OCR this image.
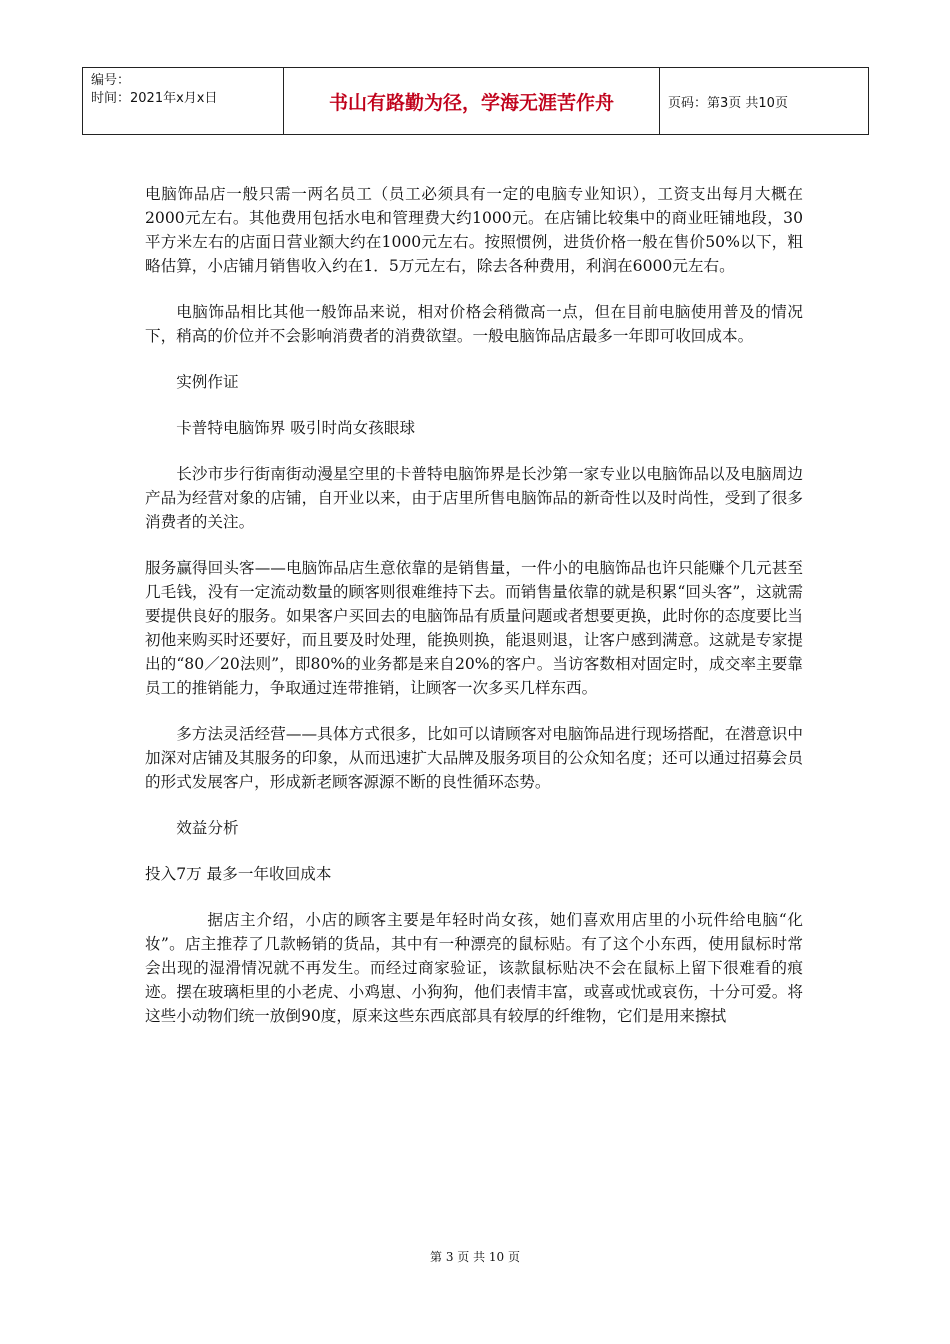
编号：
时间：2021年x月x日	书山有路勤为径，学海无涯苦作舟	页码：第3页 共10页

电脑饰品店一般只需一两名员工（员工必须具有一定的电脑专业知识），工资支出每月大概在2000元左右。其他费用包括水电和管理费大约1000元。在店铺比较集中的商业旺铺地段，30平方米左右的店面日营业额大约在1000元左右。按照惯例，进货价格一般在售价50%以下，粗略估算，小店铺月销售收入约在1．5万元左右，除去各种费用，利润在6000元左右。

电脑饰品相比其他一般饰品来说，相对价格会稍微高一点，但在目前电脑使用普及的情况下，稍高的价位并不会影响消费者的消费欲望。一般电脑饰品店最多一年即可收回成本。

实例作证

卡普特电脑饰界 吸引时尚女孩眼球

长沙市步行街南街动漫星空里的卡普特电脑饰界是长沙第一家专业以电脑饰品以及电脑周边产品为经营对象的店铺，自开业以来，由于店里所售电脑饰品的新奇性以及时尚性，受到了很多消费者的关注。

服务赢得回头客——电脑饰品店生意依靠的是销售量，一件小的电脑饰品也许只能赚个几元甚至几毛钱，没有一定流动数量的顾客则很难维持下去。而销售量依靠的就是积累“回头客”，这就需要提供良好的服务。如果客户买回去的电脑饰品有质量问题或者想要更换，此时你的态度要比当初他来购买时还要好，而且要及时处理，能换则换，能退则退，让客户感到满意。这就是专家提出的“80／20法则”，即80%的业务都是来自20%的客户。当访客数相对固定时，成交率主要靠员工的推销能力，争取通过连带推销，让顾客一次多买几样东西。

多方法灵活经营——具体方式很多，比如可以请顾客对电脑饰品进行现场搭配，在潜意识中加深对店铺及其服务的印象，从而迅速扩大品牌及服务项目的公众知名度；还可以通过招募会员的形式发展客户，形成新老顾客源源不断的良性循环态势。

效益分析

投入7万 最多一年收回成本

据店主介绍，小店的顾客主要是年轻时尚女孩，她们喜欢用店里的小玩件给电脑“化妆”。店主推荐了几款畅销的货品，其中有一种漂亮的鼠标贴。有了这个小东西，使用鼠标时常会出现的湿滑情况就不再发生。而经过商家验证，该款鼠标贴决不会在鼠标上留下很难看的痕迹。摆在玻璃柜里的小老虎、小鸡崽、小狗狗，他们表情丰富，或喜或忧或哀伤，十分可爱。将这些小动物们统一放倒90度，原来这些东西底部具有较厚的纤维物，它们是用来擦拭

第 3 页 共 10 页
